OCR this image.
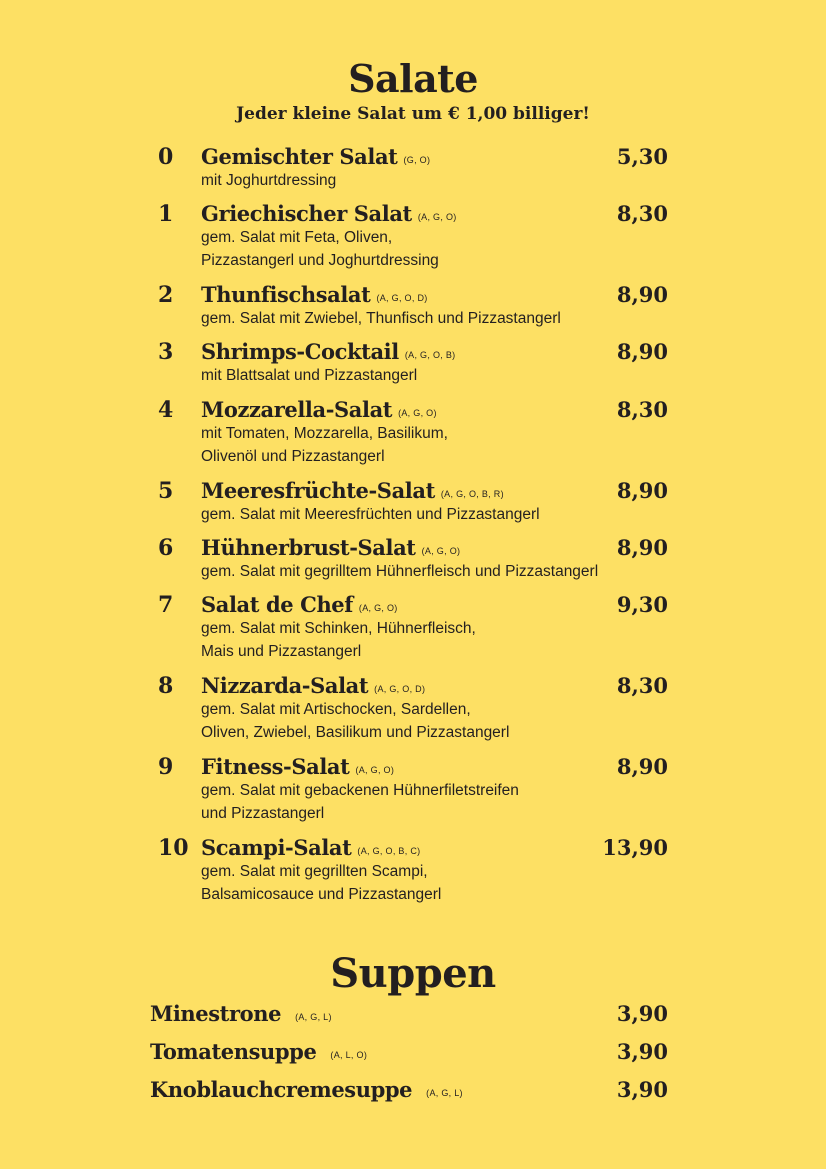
Salate
Jeder kleine Salat um € 1,00 billiger!
0 Gemischter Salat (G, O)	5,30
mit Joghurtdressing
1 Griechischer Salat (A, G, O)	8,30
gem. Salat mit Feta, Oliven,
Pizzastangerl und Joghurtdressing
2 Thunfischsalat (A, G, O, D)	8,90
gem. Salat mit Zwiebel, Thunfisch und Pizzastangerl
3 Shrimps-Cocktail (A, G, O, B)	8,90
mit Blattsalat und Pizzastangerl
4 Mozzarella-Salat (A, G, O)	8,30
mit Tomaten, Mozzarella, Basilikum,
Olivenöl und Pizzastangerl
5 Meeresfrüchte-Salat (A, G, O, B, R)	8,90
gem. Salat mit Meeresfrüchten und Pizzastangerl
6 Hühnerbrust-Salat (A, G, O)	8,90
gem. Salat mit gegrilltem Hühnerfleisch und Pizzastangerl
7 Salat de Chef (A, G, O)	9,30
gem. Salat mit Schinken, Hühnerfleisch,
Mais und Pizzastangerl
8 Nizzarda-Salat (A, G, O, D)	8,30
gem. Salat mit Artischocken, Sardellen,
Oliven, Zwiebel, Basilikum und Pizzastangerl
9 Fitness-Salat (A, G, O)	8,90
gem. Salat mit gebackenen Hühnerfiletstreifen
und Pizzastangerl
10 Scampi-Salat (A, G, O, B, C)	13,90
gem. Salat mit gegrillten Scampi,
Balsamicosauce und Pizzastangerl
Suppen
Minestrone (A, G, L)	3,90
Tomatensuppe (A, L, O)	3,90
Knoblauchcremesuppe (A, G, L)	3,90
